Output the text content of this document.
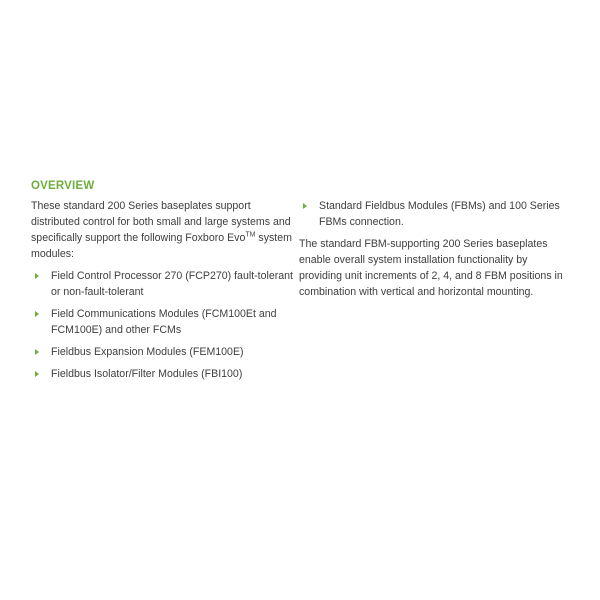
OVERVIEW

These standard 200 Series baseplates support distributed control for both small and large systems and specifically support the following Foxboro Evo™ system modules:

Field Control Processor 270 (FCP270) fault-tolerant or non-fault-tolerant
Field Communications Modules (FCM100Et and FCM100E) and other FCMs
Fieldbus Expansion Modules (FEM100E)
Fieldbus Isolator/Filter Modules (FBI100)
Standard Fieldbus Modules (FBMs) and 100 Series FBMs connection.

The standard FBM-supporting 200 Series baseplates enable overall system installation functionality by providing unit increments of 2, 4, and 8 FBM positions in combination with vertical and horizontal mounting.
